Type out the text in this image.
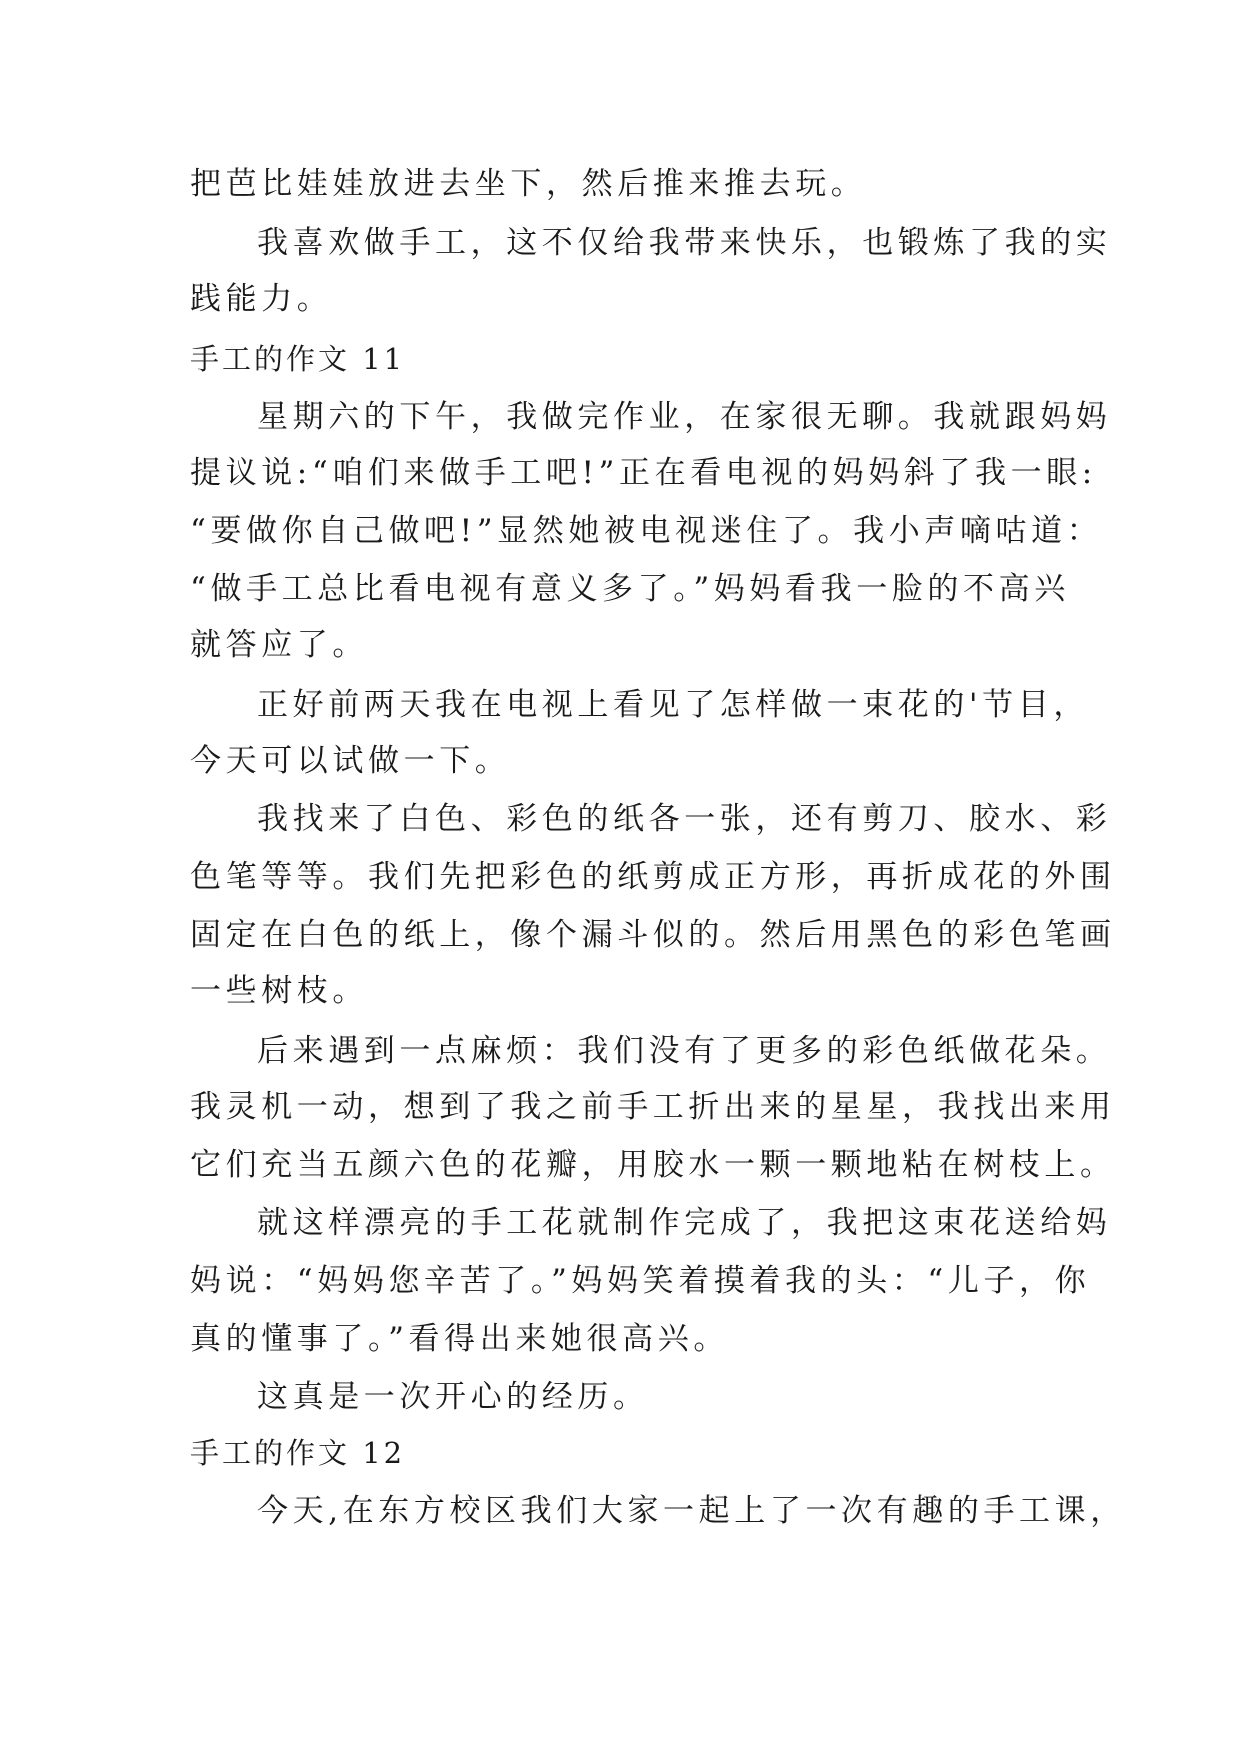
把芭比娃娃放进去坐下，然后推来推去玩。
我喜欢做手工，这不仅给我带来快乐，也锻炼了我的实
践能力。
手工的作文 11
星期六的下午，我做完作业，在家很无聊。我就跟妈妈
提议说:“咱们来做手工吧!”正在看电视的妈妈斜了我一眼:
“要做你自己做吧!”显然她被电视迷住了。我小声嘀咕道：
“做手工总比看电视有意义多了。”妈妈看我一脸的不高兴
就答应了。
正好前两天我在电视上看见了怎样做一束花的'节目，
今天可以试做一下。
我找来了白色、彩色的纸各一张，还有剪刀、胶水、彩
色笔等等。我们先把彩色的纸剪成正方形，再折成花的外围
固定在白色的纸上，像个漏斗似的。然后用黑色的彩色笔画
一些树枝。
后来遇到一点麻烦：我们没有了更多的彩色纸做花朵。
我灵机一动，想到了我之前手工折出来的星星，我找出来用
它们充当五颜六色的花瓣，用胶水一颗一颗地粘在树枝上。
就这样漂亮的手工花就制作完成了，我把这束花送给妈
妈说：“妈妈您辛苦了。”妈妈笑着摸着我的头：“儿子，你
真的懂事了。”看得出来她很高兴。
这真是一次开心的经历。
手工的作文 12
今天,在东方校区我们大家一起上了一次有趣的手工课，
